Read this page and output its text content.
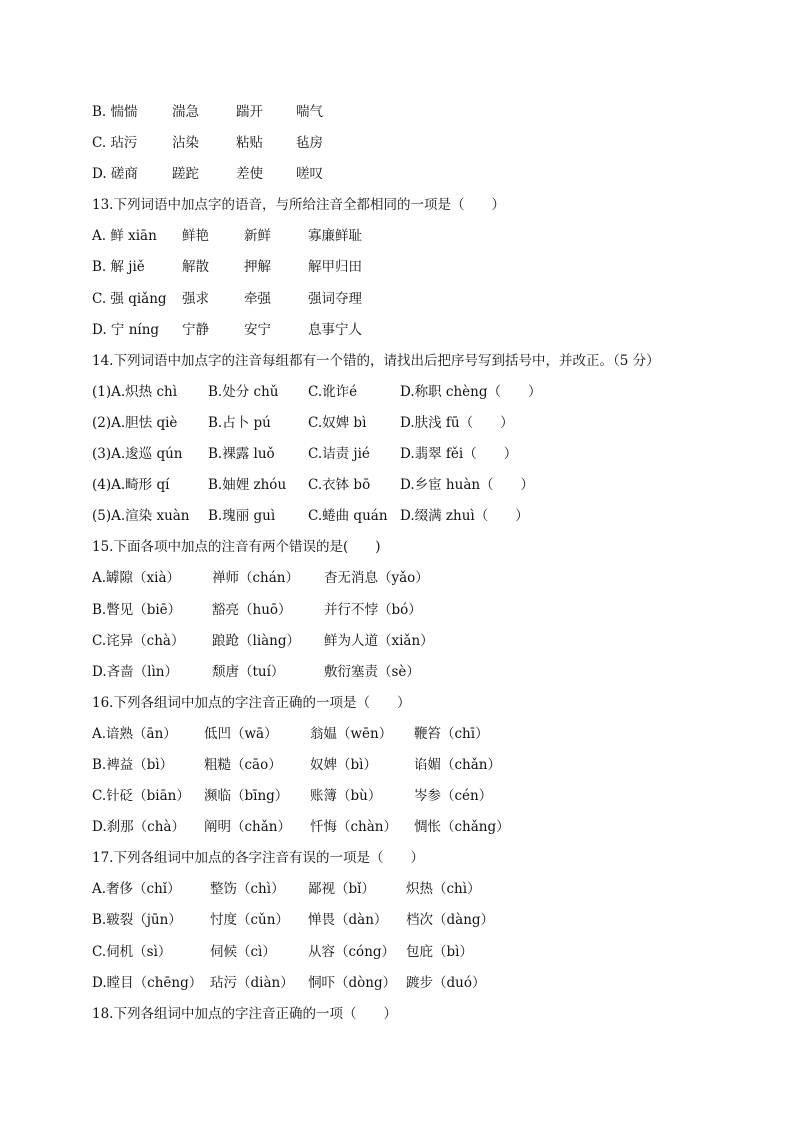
B. 惴惴	湍急	踹开	喘气
C. 玷污	沾染	粘贴	毡房
D. 磋商	蹉跎	差使	嗟叹
13.下列词语中加点字的语音，与所给注音全都相同的一项是（　　）
A. 鲜 xiān	鲜艳	新鲜	寡廉鲜耻
B. 解 jiě	解散	押解	解甲归田
C. 强 qiǎng	强求	牵强	强词夺理
D. 宁 níng	宁静	安宁	息事宁人
14.下列词语中加点字的注音每组都有一个错的，请找出后把序号写到括号中，并改正。（5 分）
(1)A.炽热 chì	B.处分 chǔ	C.讹诈é	D.称职 chèng（　　）
(2)A.胆怯 qiè	B.占卜 pú	C.奴婢 bì	D.肤浅 fū（　　）
(3)A.逡巡 qún	B.裸露 luǒ	C.诘责 jié	D.翡翠 fěi（　　）
(4)A.畸形 qí	B.妯娌 zhóu	C.衣钵 bō	D.乡宦 huàn（　　）
(5)A.渲染 xuàn	B.瑰丽 guì	C.蜷曲 quán D.缀满 zhuì（　　）
15.下面各项中加点的注音有两个错误的是(　　)
A.罅隙（xià）	禅师（chán）	杳无消息（yǎo）
B.瞥见（biē）	豁亮（huō）	并行不悖（bó）
C.诧异（chà）	踉跄（liàng）	鲜为人道（xiǎn）
D.吝啬（lìn）	颓唐（tuí）	敷衍塞责（sè）
16.下列各组词中加点的字注音正确的一项是（　　）
A.谙熟（ān）	低凹（wā）	翁媪（wēn）	鞭笞（chī）
B.裨益（bì）	粗糙（cāo）	奴婢（bì）	谄媚（chǎn）
C.针砭（biān）	濒临（bīng）	账簿（bù）	岑参（cén）
D.刹那（chà）	阐明（chǎn）	忏悔（chàn）	惆怅（chǎng）
17.下列各组词中加点的各字注音有误的一项是（　　）
A.奢侈（chǐ）	整饬（chì）	鄙视（bǐ）	炽热（chì）
B.皲裂（jūn）	忖度（cǔn）	惮畏（dàn）	档次（dàng）
C.伺机（sì）	伺候（cì）	从容（cóng） 包庇（bì）
D.瞠目（chēng） 玷污（diàn）	恫吓（dòng） 踱步（duó）
18.下列各组词中加点的字注音正确的一项（　　）
